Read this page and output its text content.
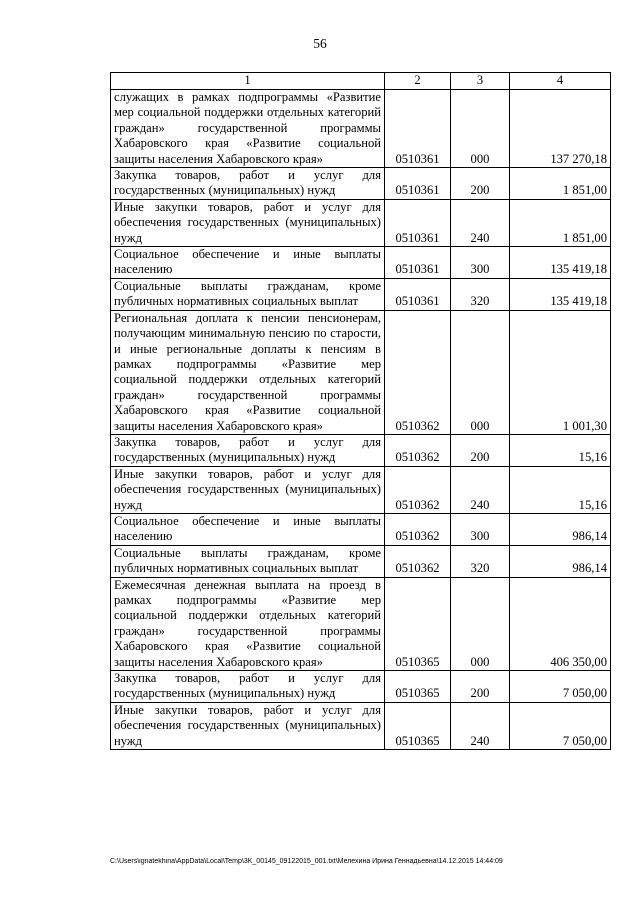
56
1	2	3	4
служащих в рамках подпрограммы «Развитие мер социальной поддержки отдельных категорий граждан» государственной программы Хабаровского края «Развитие социальной защиты населения Хабаровского края»	0510361	000	137 270,18
Закупка товаров, работ и услуг для государственных (муниципальных) нужд	0510361	200	1 851,00
Иные закупки товаров, работ и услуг для обеспечения государственных (муниципальных) нужд	0510361	240	1 851,00
Социальное обеспечение и иные выплаты населению	0510361	300	135 419,18
Социальные выплаты гражданам, кроме публичных нормативных социальных выплат	0510361	320	135 419,18
Региональная доплата к пенсии пенсионерам, получающим минимальную пенсию по старости, и иные региональные доплаты к пенсиям в рамках подпрограммы «Развитие мер социальной поддержки отдельных категорий граждан» государственной программы Хабаровского края «Развитие социальной защиты населения Хабаровского края»	0510362	000	1 001,30
Закупка товаров, работ и услуг для государственных (муниципальных) нужд	0510362	200	15,16
Иные закупки товаров, работ и услуг для обеспечения государственных (муниципальных) нужд	0510362	240	15,16
Социальное обеспечение и иные выплаты населению	0510362	300	986,14
Социальные выплаты гражданам, кроме публичных нормативных социальных выплат	0510362	320	986,14
Ежемесячная денежная выплата на проезд в рамках подпрограммы «Развитие мер социальной поддержки отдельных категорий граждан» государственной программы Хабаровского края «Развитие социальной защиты населения Хабаровского края»	0510365	000	406 350,00
Закупка товаров, работ и услуг для государственных (муниципальных) нужд	0510365	200	7 050,00
Иные закупки товаров, работ и услуг для обеспечения государственных (муниципальных) нужд	0510365	240	7 050,00
C:\Users\ignatekhina\AppData\Local\Temp\3K_00145_09122015_001.txt\Мелехина Ирина Геннадьевна\14.12.2015 14:44:09
